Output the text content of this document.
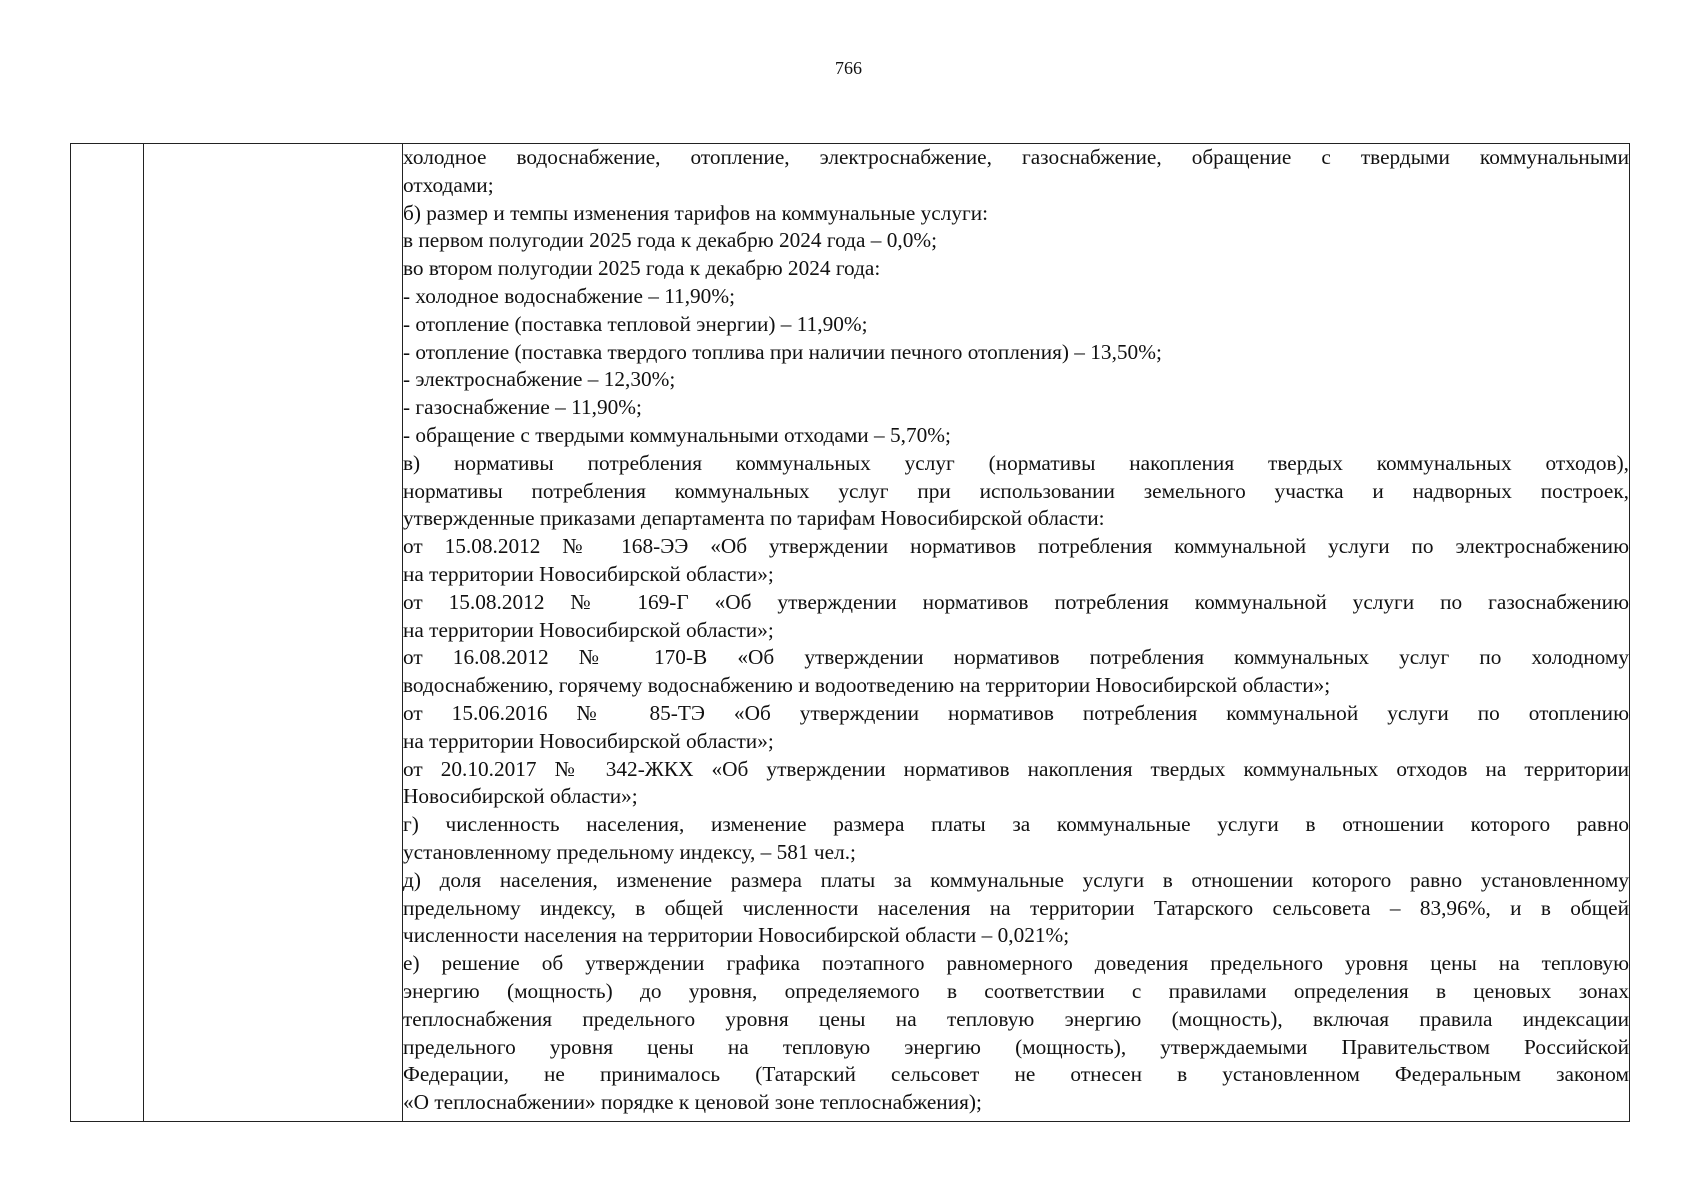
766

холодное водоснабжение, отопление, электроснабжение, газоснабжение, обращение с твердыми коммунальными
отходами;
б) размер и темпы изменения тарифов на коммунальные услуги:
в первом полугодии 2025 года к декабрю 2024 года – 0,0%;
во втором полугодии 2025 года к декабрю 2024 года:
- холодное водоснабжение – 11,90%;
- отопление (поставка тепловой энергии) – 11,90%;
- отопление (поставка твердого топлива при наличии печного отопления) – 13,50%;
- электроснабжение – 12,30%;
- газоснабжение – 11,90%;
- обращение с твердыми коммунальными отходами – 5,70%;
в) нормативы потребления коммунальных услуг (нормативы накопления твердых коммунальных отходов),
нормативы потребления коммунальных услуг при использовании земельного участка и надворных построек,
утвержденные приказами департамента по тарифам Новосибирской области:
от 15.08.2012 № 168-ЭЭ «Об утверждении нормативов потребления коммунальной услуги по электроснабжению
на территории Новосибирской области»;
от 15.08.2012 № 169-Г «Об утверждении нормативов потребления коммунальной услуги по газоснабжению
на территории Новосибирской области»;
от 16.08.2012 № 170-В «Об утверждении нормативов потребления коммунальных услуг по холодному
водоснабжению, горячему водоснабжению и водоотведению на территории Новосибирской области»;
от 15.06.2016 № 85-ТЭ «Об утверждении нормативов потребления коммунальной услуги по отоплению
на территории Новосибирской области»;
от 20.10.2017 № 342-ЖКХ «Об утверждении нормативов накопления твердых коммунальных отходов на территории
Новосибирской области»;
г) численность населения, изменение размера платы за коммунальные услуги в отношении которого равно
установленному предельному индексу, – 581 чел.;
д) доля населения, изменение размера платы за коммунальные услуги в отношении которого равно установленному
предельному индексу, в общей численности населения на территории Татарского сельсовета – 83,96%, и в общей
численности населения на территории Новосибирской области – 0,021%;
е) решение об утверждении графика поэтапного равномерного доведения предельного уровня цены на тепловую
энергию (мощность) до уровня, определяемого в соответствии с правилами определения в ценовых зонах
теплоснабжения предельного уровня цены на тепловую энергию (мощность), включая правила индексации
предельного уровня цены на тепловую энергию (мощность), утверждаемыми Правительством Российской
Федерации, не принималось (Татарский сельсовет не отнесен в установленном Федеральным законом
«О теплоснабжении» порядке к ценовой зоне теплоснабжения);
